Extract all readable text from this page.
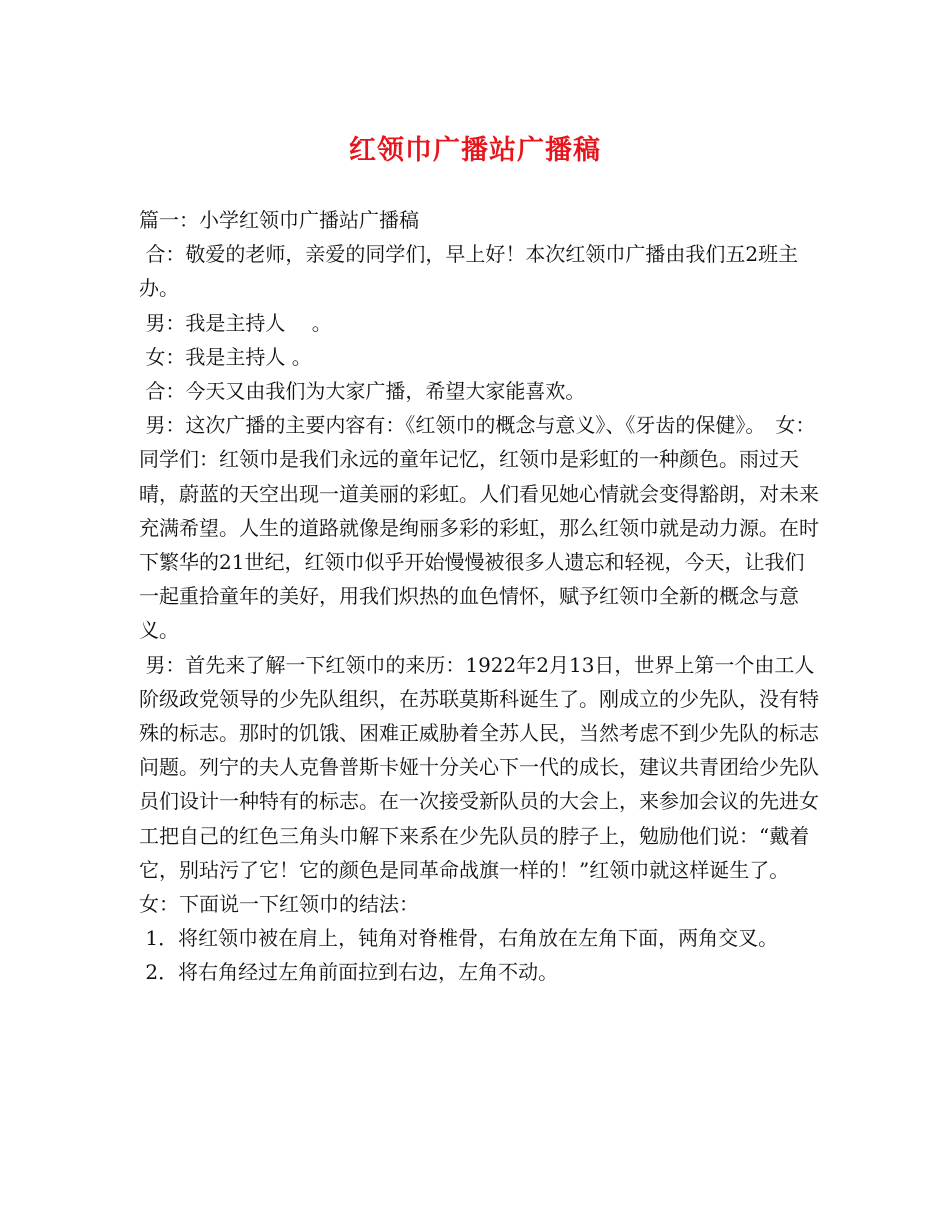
红领巾广播站广播稿

篇一：小学红领巾广播站广播稿

合：敬爱的老师，亲爱的同学们，早上好！本次红领巾广播由我们五2班主办。

男：我是主持人　 。

女：我是主持人 。

合：今天又由我们为大家广播，希望大家能喜欢。

男：这次广播的主要内容有：《红领巾的概念与意义》、《牙齿的保健》。　女：同学们：红领巾是我们永远的童年记忆，红领巾是彩虹的一种颜色。雨过天晴，蔚蓝的天空出现一道美丽的彩虹。人们看见她心情就会变得豁朗，对未来充满希望。人生的道路就像是绚丽多彩的彩虹，那么红领巾就是动力源。在时下繁华的21世纪，红领巾似乎开始慢慢被很多人遗忘和轻视，今天，让我们一起重拾童年的美好，用我们炽热的血色情怀，赋予红领巾全新的概念与意义。

男：首先来了解一下红领巾的来历：1922年2月13日，世界上第一个由工人阶级政党领导的少先队组织，在苏联莫斯科诞生了。刚成立的少先队，没有特殊的标志。那时的饥饿、困难正威胁着全苏人民，当然考虑不到少先队的标志问题。列宁的夫人克鲁普斯卡娅十分关心下一代的成长，建议共青团给少先队员们设计一种特有的标志。在一次接受新队员的大会上，来参加会议的先进女工把自己的红色三角头巾解下来系在少先队员的脖子上，勉励他们说：“戴着它，别玷污了它！它的颜色是同革命战旗一样的！”红领巾就这样诞生了。　 女：下面说一下红领巾的结法：

1．将红领巾被在肩上，钝角对脊椎骨，右角放在左角下面，两角交叉。

2．将右角经过左角前面拉到右边，左角不动。
